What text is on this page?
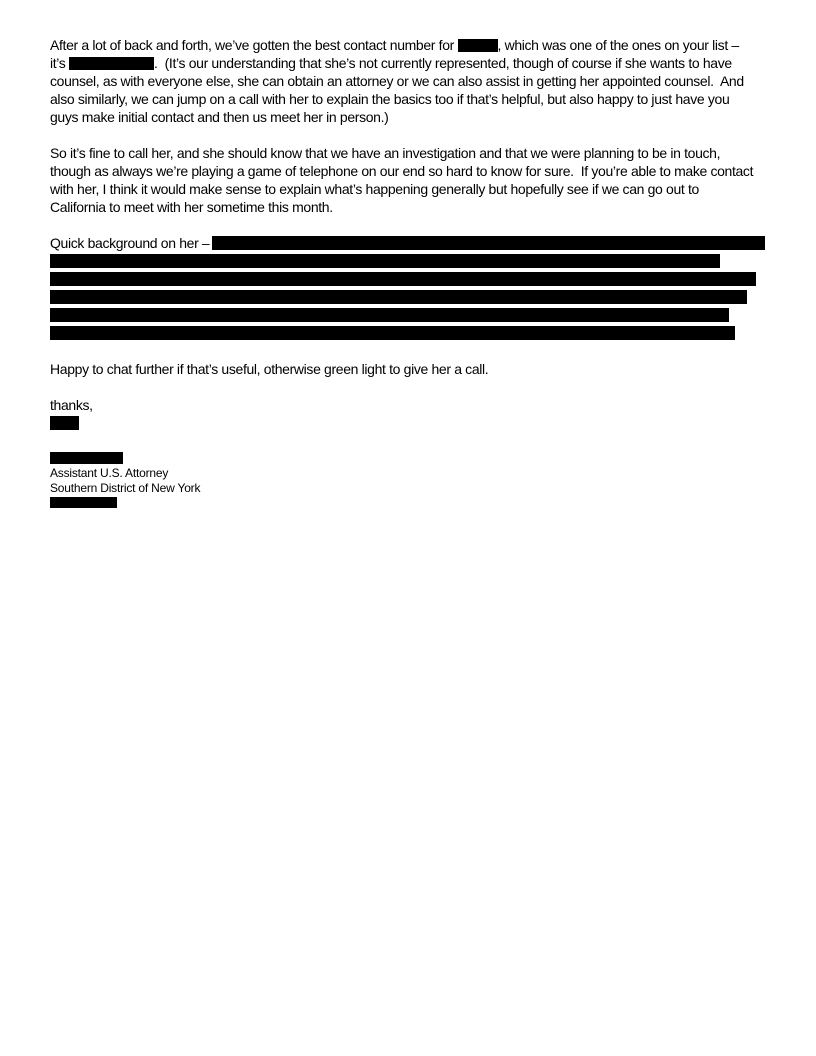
After a lot of back and forth, we’ve gotten the best contact number for	, which was one of the ones on your list –
it’s	.  (It’s our understanding that she’s not currently represented, though of course if she wants to have
counsel, as with everyone else, she can obtain an attorney or we can also assist in getting her appointed counsel.  And
also similarly, we can jump on a call with her to explain the basics too if that’s helpful, but also happy to just have you
guys make initial contact and then us meet her in person.)
So it’s fine to call her, and she should know that we have an investigation and that we were planning to be in touch,
though as always we’re playing a game of telephone on our end so hard to know for sure.  If you’re able to make contact
with her, I think it would make sense to explain what’s happening generally but hopefully see if we can go out to
California to meet with her sometime this month.
Quick background on her –
Happy to chat further if that’s useful, otherwise green light to give her a call.
thanks,
Assistant U.S. Attorney
Southern District of New York
